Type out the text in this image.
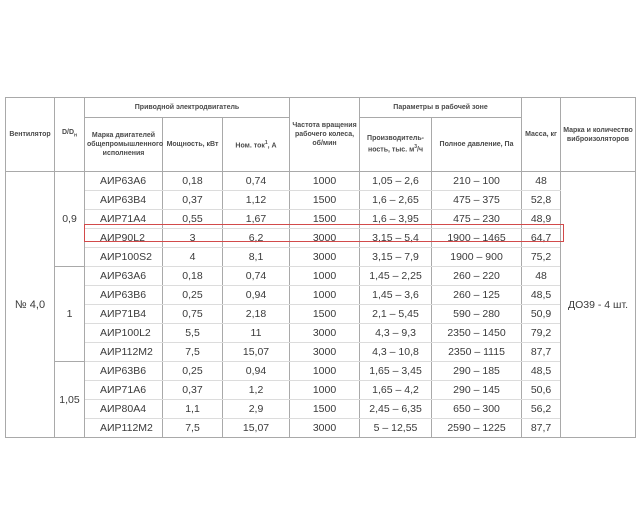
Вентилятор	$D/D_н$	Приводной электродвигатель			Частота вращения рабочего колеса, об/мин	Параметры в рабочей зоне		Масса, кг	Марка и количество виброизоляторов
		Марка двигателей общепромышленного исполнения	Мощность, кВт	Ном. ток$^1$, А		Производитель-ность, тыс. $м^3/ч$	Полное давление, Па		
№ 4,0	0,9	АИР63А6	0,18	0,74	1000	1,05 – 2,6	210 – 100	48	ДО39 - 4 шт.
		АИР63В4	0,37	1,12	1500	1,6 – 2,65	475 – 375	52,8	
		АИР71А4	0,55	1,67	1500	1,6 – 3,95	475 – 230	48,9	
		АИР90L2	3	6,2	3000	3,15 – 5,4	1900 – 1465	64,7	
		АИР100S2	4	8,1	3000	3,15 – 7,9	1900 – 900	75,2	
	1	АИР63А6	0,18	0,74	1000	1,45 – 2,25	260 – 220	48	
		АИР63В6	0,25	0,94	1000	1,45 – 3,6	260 – 125	48,5	
		АИР71В4	0,75	2,18	1500	2,1 – 5,45	590 – 280	50,9	
		АИР100L2	5,5	11	3000	4,3 – 9,3	2350 – 1450	79,2	
		АИР112М2	7,5	15,07	3000	4,3 – 10,8	2350 – 1115	87,7	
	1,05	АИР63В6	0,25	0,94	1000	1,65 – 3,45	290 – 185	48,5	
		АИР71А6	0,37	1,2	1000	1,65 – 4,2	290 – 145	50,6	
		АИР80А4	1,1	2,9	1500	2,45 – 6,35	650 – 300	56,2	
		АИР112М2	7,5	15,07	3000	5 – 12,55	2590 – 1225	87,7	
